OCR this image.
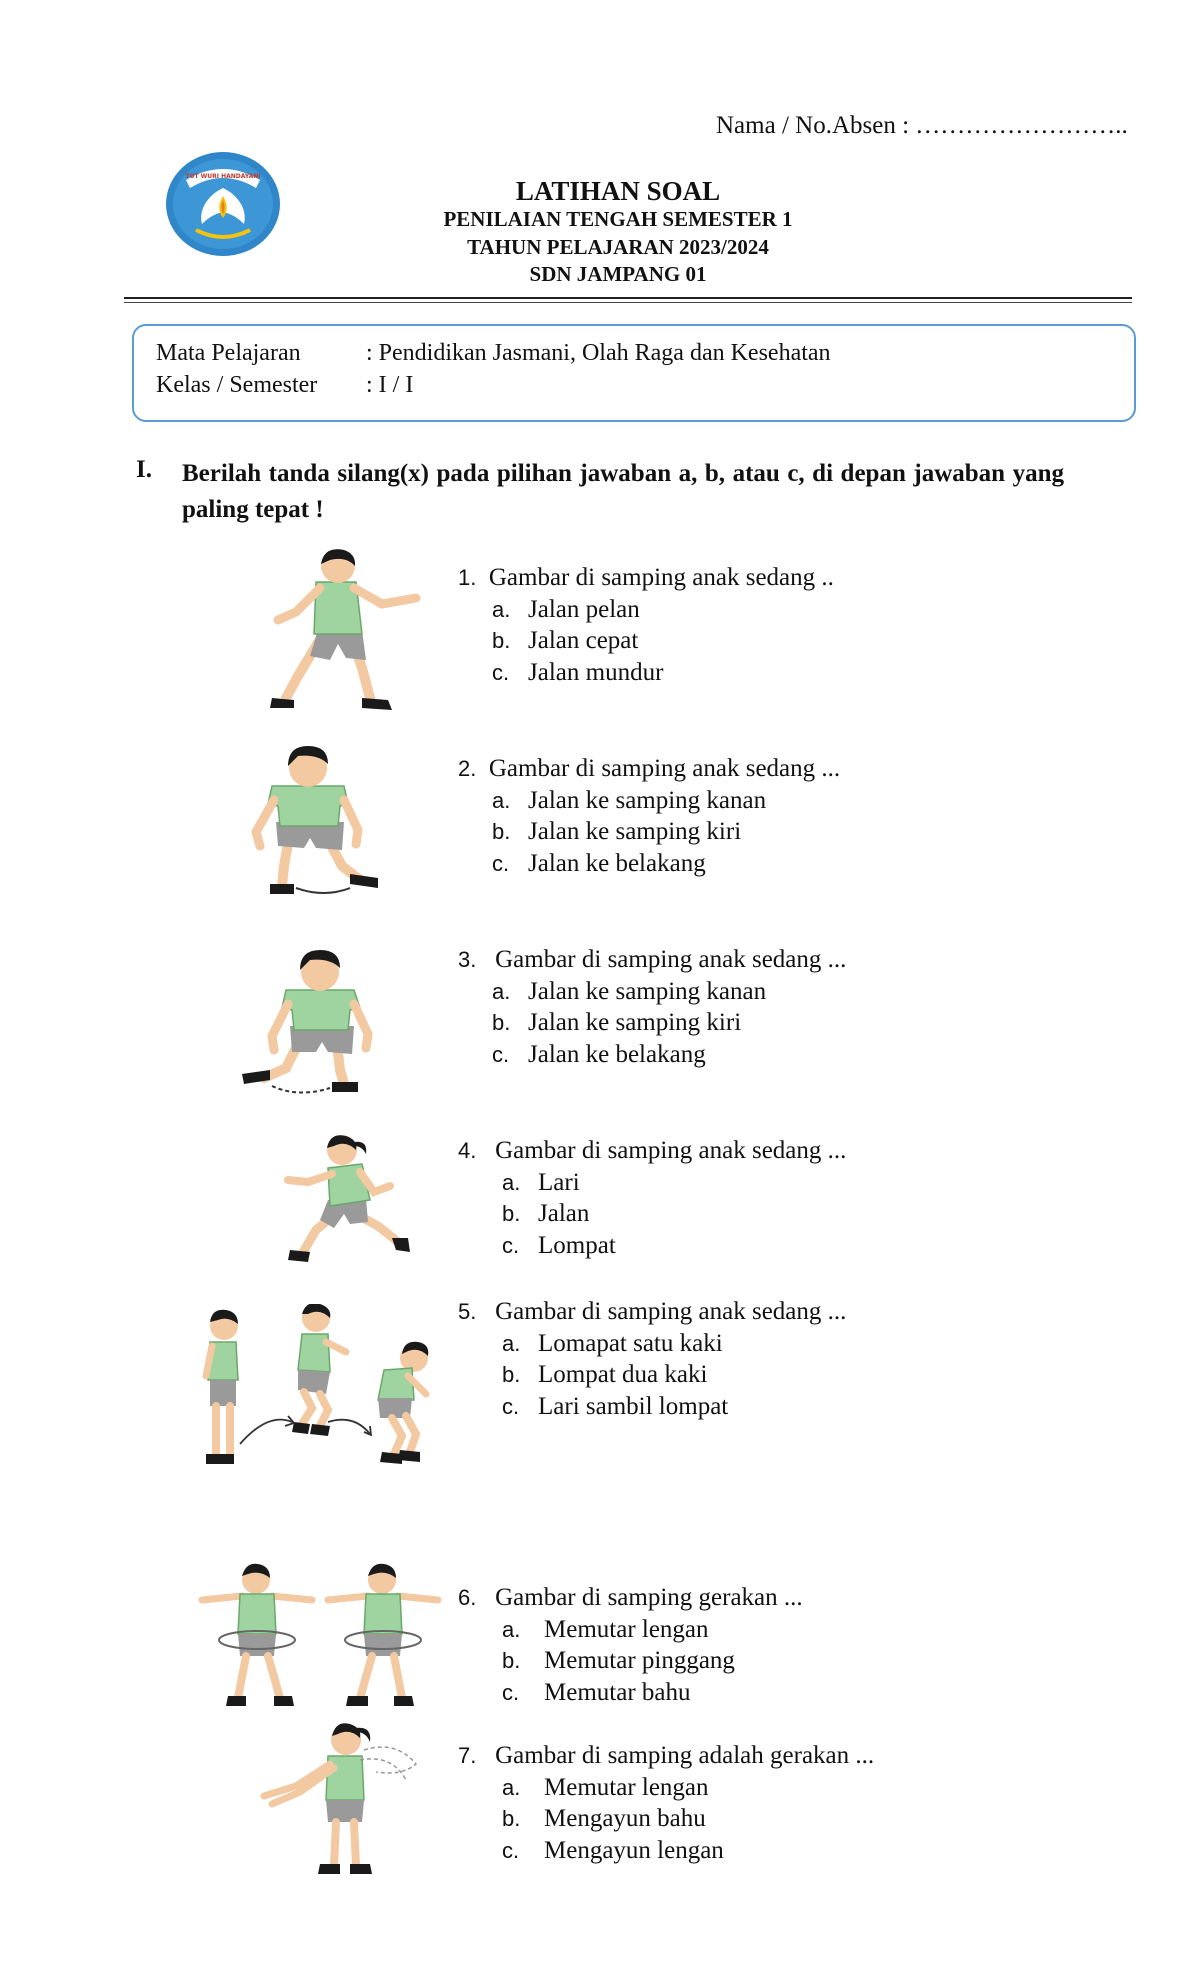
Nama / No.Absen : ……………………..
TUT WURI HANDAYANI	LATIHAN SOAL
PENILAIAN TENGAH SEMESTER 1
TAHUN PELAJARAN 2023/2024
SDN JAMPANG 01
Mata Pelajaran	: Pendidikan Jasmani, Olah Raga dan Kesehatan
Kelas / Semester : I / I
I. Berilah tanda silang(x) pada pilihan jawaban a, b, atau c, di depan jawaban yang paling tepat !
1. Gambar di samping anak sedang ..
a. Jalan pelan
b. Jalan cepat
c. Jalan mundur
2. Gambar di samping anak sedang ...
a. Jalan ke samping kanan
b. Jalan ke samping kiri
c. Jalan ke belakang
3. Gambar di samping anak sedang ...
a. Jalan ke samping kanan
b. Jalan ke samping kiri
c. Jalan ke belakang
4. Gambar di samping anak sedang ...
a. Lari
b. Jalan
c. Lompat
5. Gambar di samping anak sedang ...
a. Lomapat satu kaki
b. Lompat dua kaki
c. Lari sambil lompat
6. Gambar di samping gerakan ...
a. Memutar lengan
b. Memutar pinggang
c. Memutar bahu
7. Gambar di samping adalah gerakan ...
a. Memutar lengan
b. Mengayun bahu
c. Mengayun lengan
